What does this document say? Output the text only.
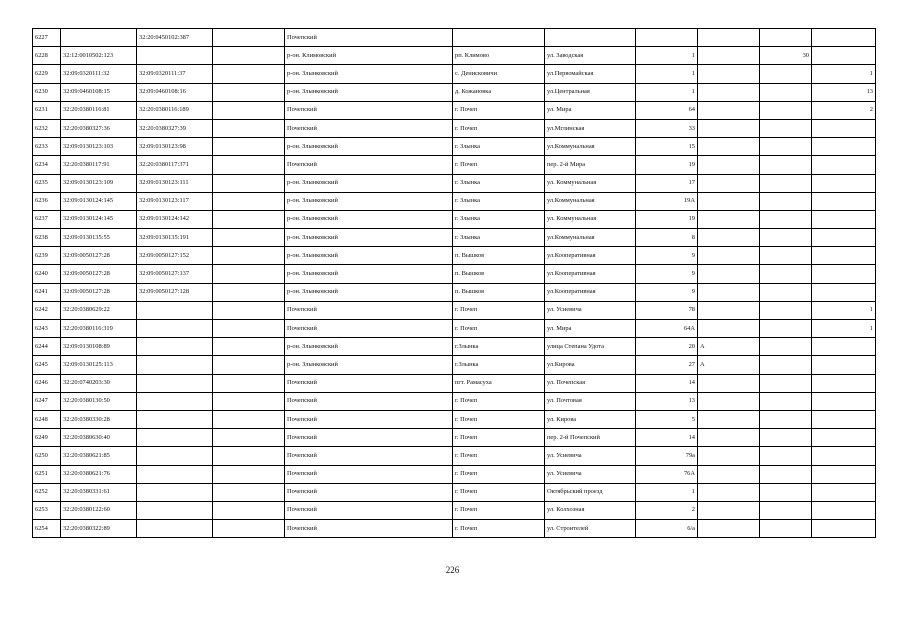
6227		32:20:0450102:387		Почепский						
6228	32:12:0010502:123			р-он. Климовский	рп. Климово	ул. Заводская	1		30	
6229	32:09:0320111:32	32:09:0320111:37		р-он. Злынковский	с. Денисковичи	ул.Первомайская	1			1
6230	32:09:0460108:15	32:09:0460108:16		р-он. Злынковский	д. Кожановка	ул.Центральная	1			13
6231	32:20:0380116:81	32:20:0380116:189		Почепский	г. Почеп	ул. Мира	64			2
6232	32:20:0380327:36	32:20:0380327:39		Почепский	г. Почеп	ул.Мглинская	33			
6233	32:09:0130123:103	32:09:0130123:98		р-он. Злынковский	г. Злынка	ул.Коммунальная	15			
6234	32:20:0380117:91	32:20:0380117:371		Почепский	г. Почеп	пер. 2-й Мира	19			
6235	32:09:0130123:109	32:09:0130123:111		р-он. Злынковский	г. Злынка	ул. Коммунальная	17			
6236	32:09:0130124:145	32:09:0130123:117		р-он. Злынковский	г. Злынка	ул.Коммунальная	19А			
6237	32:09:0130124:145	32:09:0130124:142		р-он. Злынковский	г. Злынка	ул. Коммунальная	19			
6238	32:09:0130135:55	32:09:0130135:191		р-он. Злынковский	г. Злынка	ул.Коммунальная	8			
6239	32:09:0050127:28	32:09:0050127:152		р-он. Злынковский	п. Вышков	ул.Кооперативная	9			
6240	32:09:0050127:28	32:09:0050127:137		р-он. Злынковский	п. Вышков	ул.Кооперативная	9			
6241	32:09:0050127:28	32:09:0050127:128		р-он. Злынковский	п. Вышков	ул.Кооперативная	9			
6242	32:20:0380629:22			Почепский	г. Почеп	ул. Усиевича	78			1
6243	32:20:0380116:319			Почепский	г. Почеп	ул. Мира	64А			1
6244	32:09:0130108:89			р-он. Злынковский	г.Злынка	улица Степана Удота	20	А		
6245	32:09:0130125:113			р-он. Злынковский	г.Злынка	ул.Кирова	27	А		
6246	32:20:0740203:30			Почепский	пгт. Рамасуха	ул. Почепская	14			
6247	32:20:0380130:50			Почепский	г. Почеп	ул. Почтовая	13			
6248	32:20:0380330:28			Почепский	г. Почеп	ул. Кирова	5			
6249	32:20:0380630:40			Почепский	г. Почеп	пер. 2-й Почепский	14			
6250	32:20:0380621:85			Почепский	г. Почеп	ул. Усиевича	79а			
6251	32:20:0380621:76			Почепский	г. Почеп	ул. Усиевича	76А			
6252	32:20:0380331:61			Почепский	г. Почеп	Октябрьский проезд	1			
6253	32:20:0380122:60			Почепский	г. Почеп	ул. Колхозная	2			
6254	32:20:0380322:89			Почепский	г. Почеп	ул. Строителей	6/а			
226
